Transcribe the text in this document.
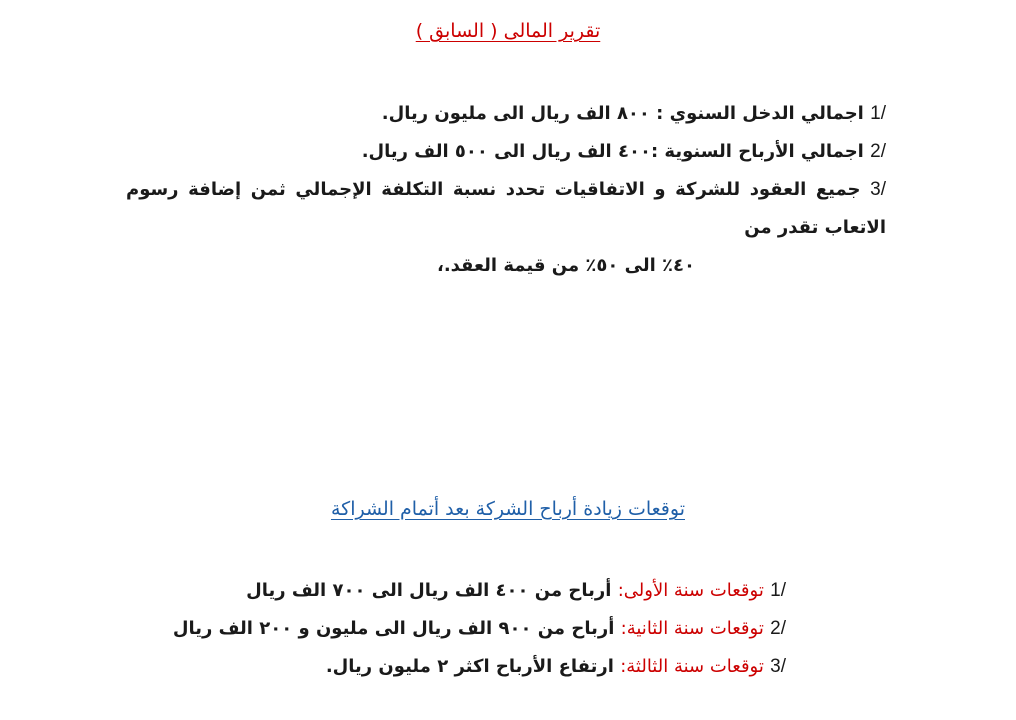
تقرير المالى ( السابق )

1/ اجمالي الدخل السنوي : ٨٠٠ الف ريال الى مليون ريال.

2/ اجمالي الأرباح السنوية :٤٠٠ الف ريال الى ٥٠٠ الف ريال.

3/ جميع العقود للشركة و الاتفاقيات تحدد نسبة التكلفة الإجمالي ثمن إضافة رسوم الاتعاب تقدر من

٤٠٪ الى ٥٠٪ من قيمة العقد.،

توقعات زيادة أرباح الشركة بعد أتمام الشراكة

1/ توقعات سنة الأولى: أرباح من ٤٠٠ الف ريال الى ٧٠٠ الف ريال

2/ توقعات سنة الثانية: أرباح من ٩٠٠ الف ريال الى مليون و ٢٠٠ الف ريال

3/ توقعات سنة الثالثة: ارتفاع الأرباح اكثر ٢ مليون ريال.
